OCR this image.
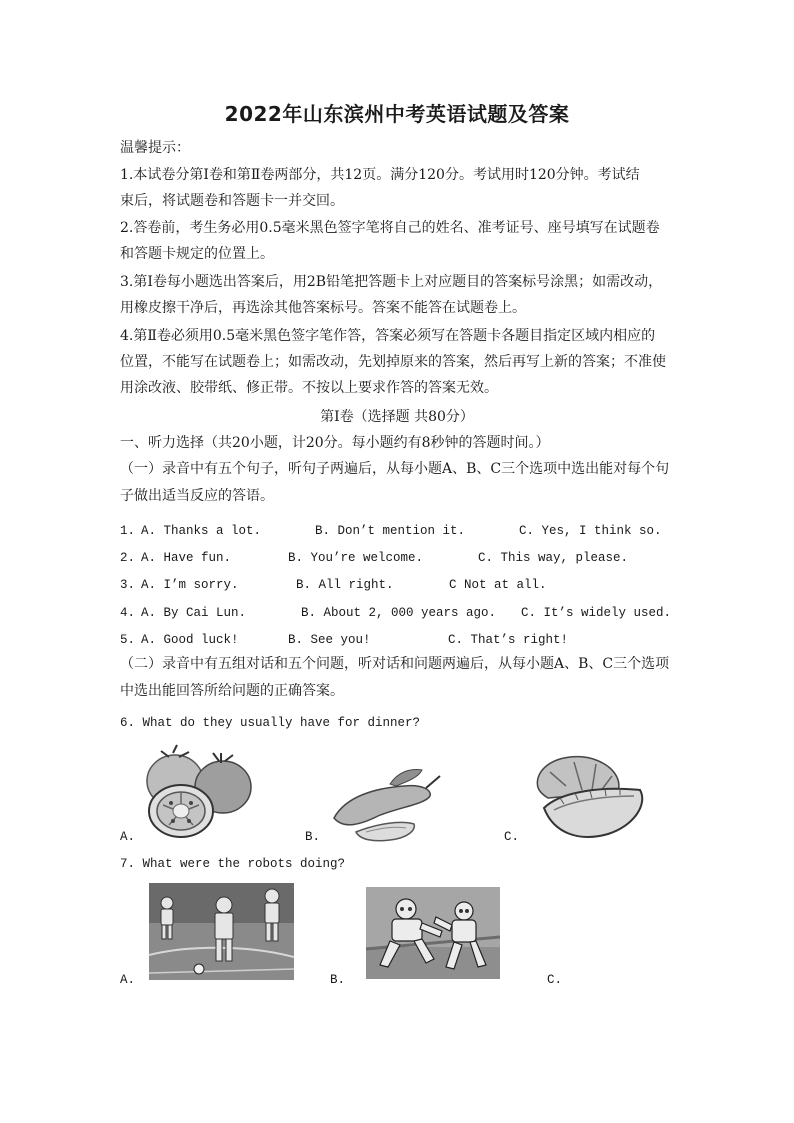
2022年山东滨州中考英语试题及答案
温馨提示：
1.本试卷分第Ⅰ卷和第Ⅱ卷两部分，共12页。满分120分。考试用时120分钟。考试结
束后，将试题卷和答题卡一并交回。
2.答卷前，考生务必用0.5毫米黑色签字笔将自己的姓名、准考证号、座号填写在试题卷
和答题卡规定的位置上。
3.第Ⅰ卷每小题选出答案后，用2B铅笔把答题卡上对应题目的答案标号涂黑；如需改动，
用橡皮擦干净后，再选涂其他答案标号。答案不能答在试题卷上。
4.第Ⅱ卷必须用0.5毫米黑色签字笔作答，答案必须写在答题卡各题目指定区域内相应的
位置，不能写在试题卷上；如需改动，先划掉原来的答案，然后再写上新的答案；不准使
用涂改液、胶带纸、修正带。不按以上要求作答的答案无效。
第Ⅰ卷（选择题 共80分）
一、听力选择（共20小题，计20分。每小题约有8秒钟的答题时间。）
（一）录音中有五个句子，听句子两遍后，从每小题A、B、C三个选项中选出能对每个句
子做出适当反应的答语。
1. A. Thanks a lot.	B. Don’t mention it.	C. Yes, I think so.
2. A. Have fun.	B. You’re welcome.	C. This way, please.
3. A. I’m sorry.	B. All right.	C Not at all.
4. A. By Cai Lun.	B. About 2, 000 years ago. C. It’s widely used.
5. A. Good luck!	B. See you!	C. That’s right!
（二）录音中有五组对话和五个问题，听对话和问题两遍后，从每小题A、B、C三个选项
中选出能回答所给问题的正确答案。
6. What do they usually have for dinner?
A.	B.	C.
7. What were the robots doing?
A.	B.	C.
